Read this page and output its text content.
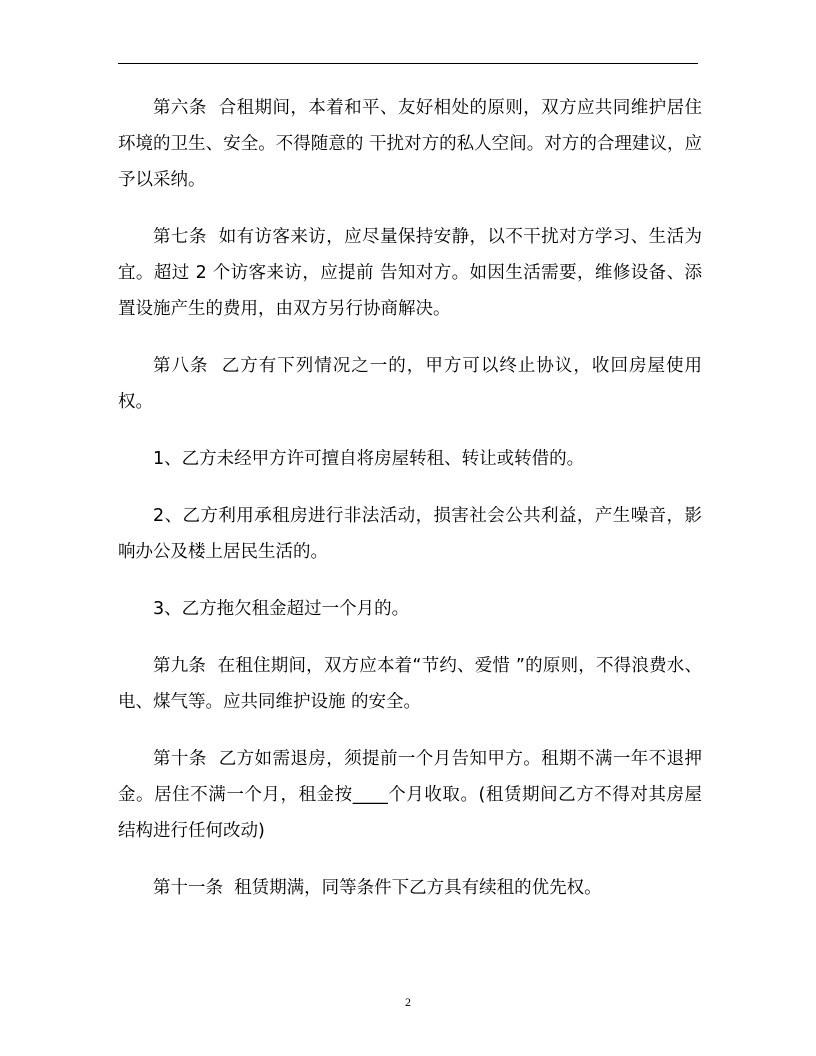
第六条  合租期间，本着和平、友好相处的原则，双方应共同维护居住环境的卫生、安全。不得随意的 干扰对方的私人空间。对方的合理建议，应予以采纳。

第七条  如有访客来访，应尽量保持安静，以不干扰对方学习、生活为宜。超过 2 个访客来访，应提前 告知对方。如因生活需要，维修设备、添置设施产生的费用，由双方另行协商解决。

第八条  乙方有下列情况之一的，甲方可以终止协议，收回房屋使用权。

1、乙方未经甲方许可擅自将房屋转租、转让或转借的。

2、乙方利用承租房进行非法活动，损害社会公共利益，产生噪音，影响办公及楼上居民生活的。

3、乙方拖欠租金超过一个月的。

第九条  在租住期间，双方应本着“节约、爱惜 ”的原则，不得浪费水、电、煤气等。应共同维护设施 的安全。

第十条  乙方如需退房，须提前一个月告知甲方。租期不满一年不退押金。居住不满一个月，租金按____个月收取。(租赁期间乙方不得对其房屋结构进行任何改动)

第十一条  租赁期满，同等条件下乙方具有续租的优先权。

2
